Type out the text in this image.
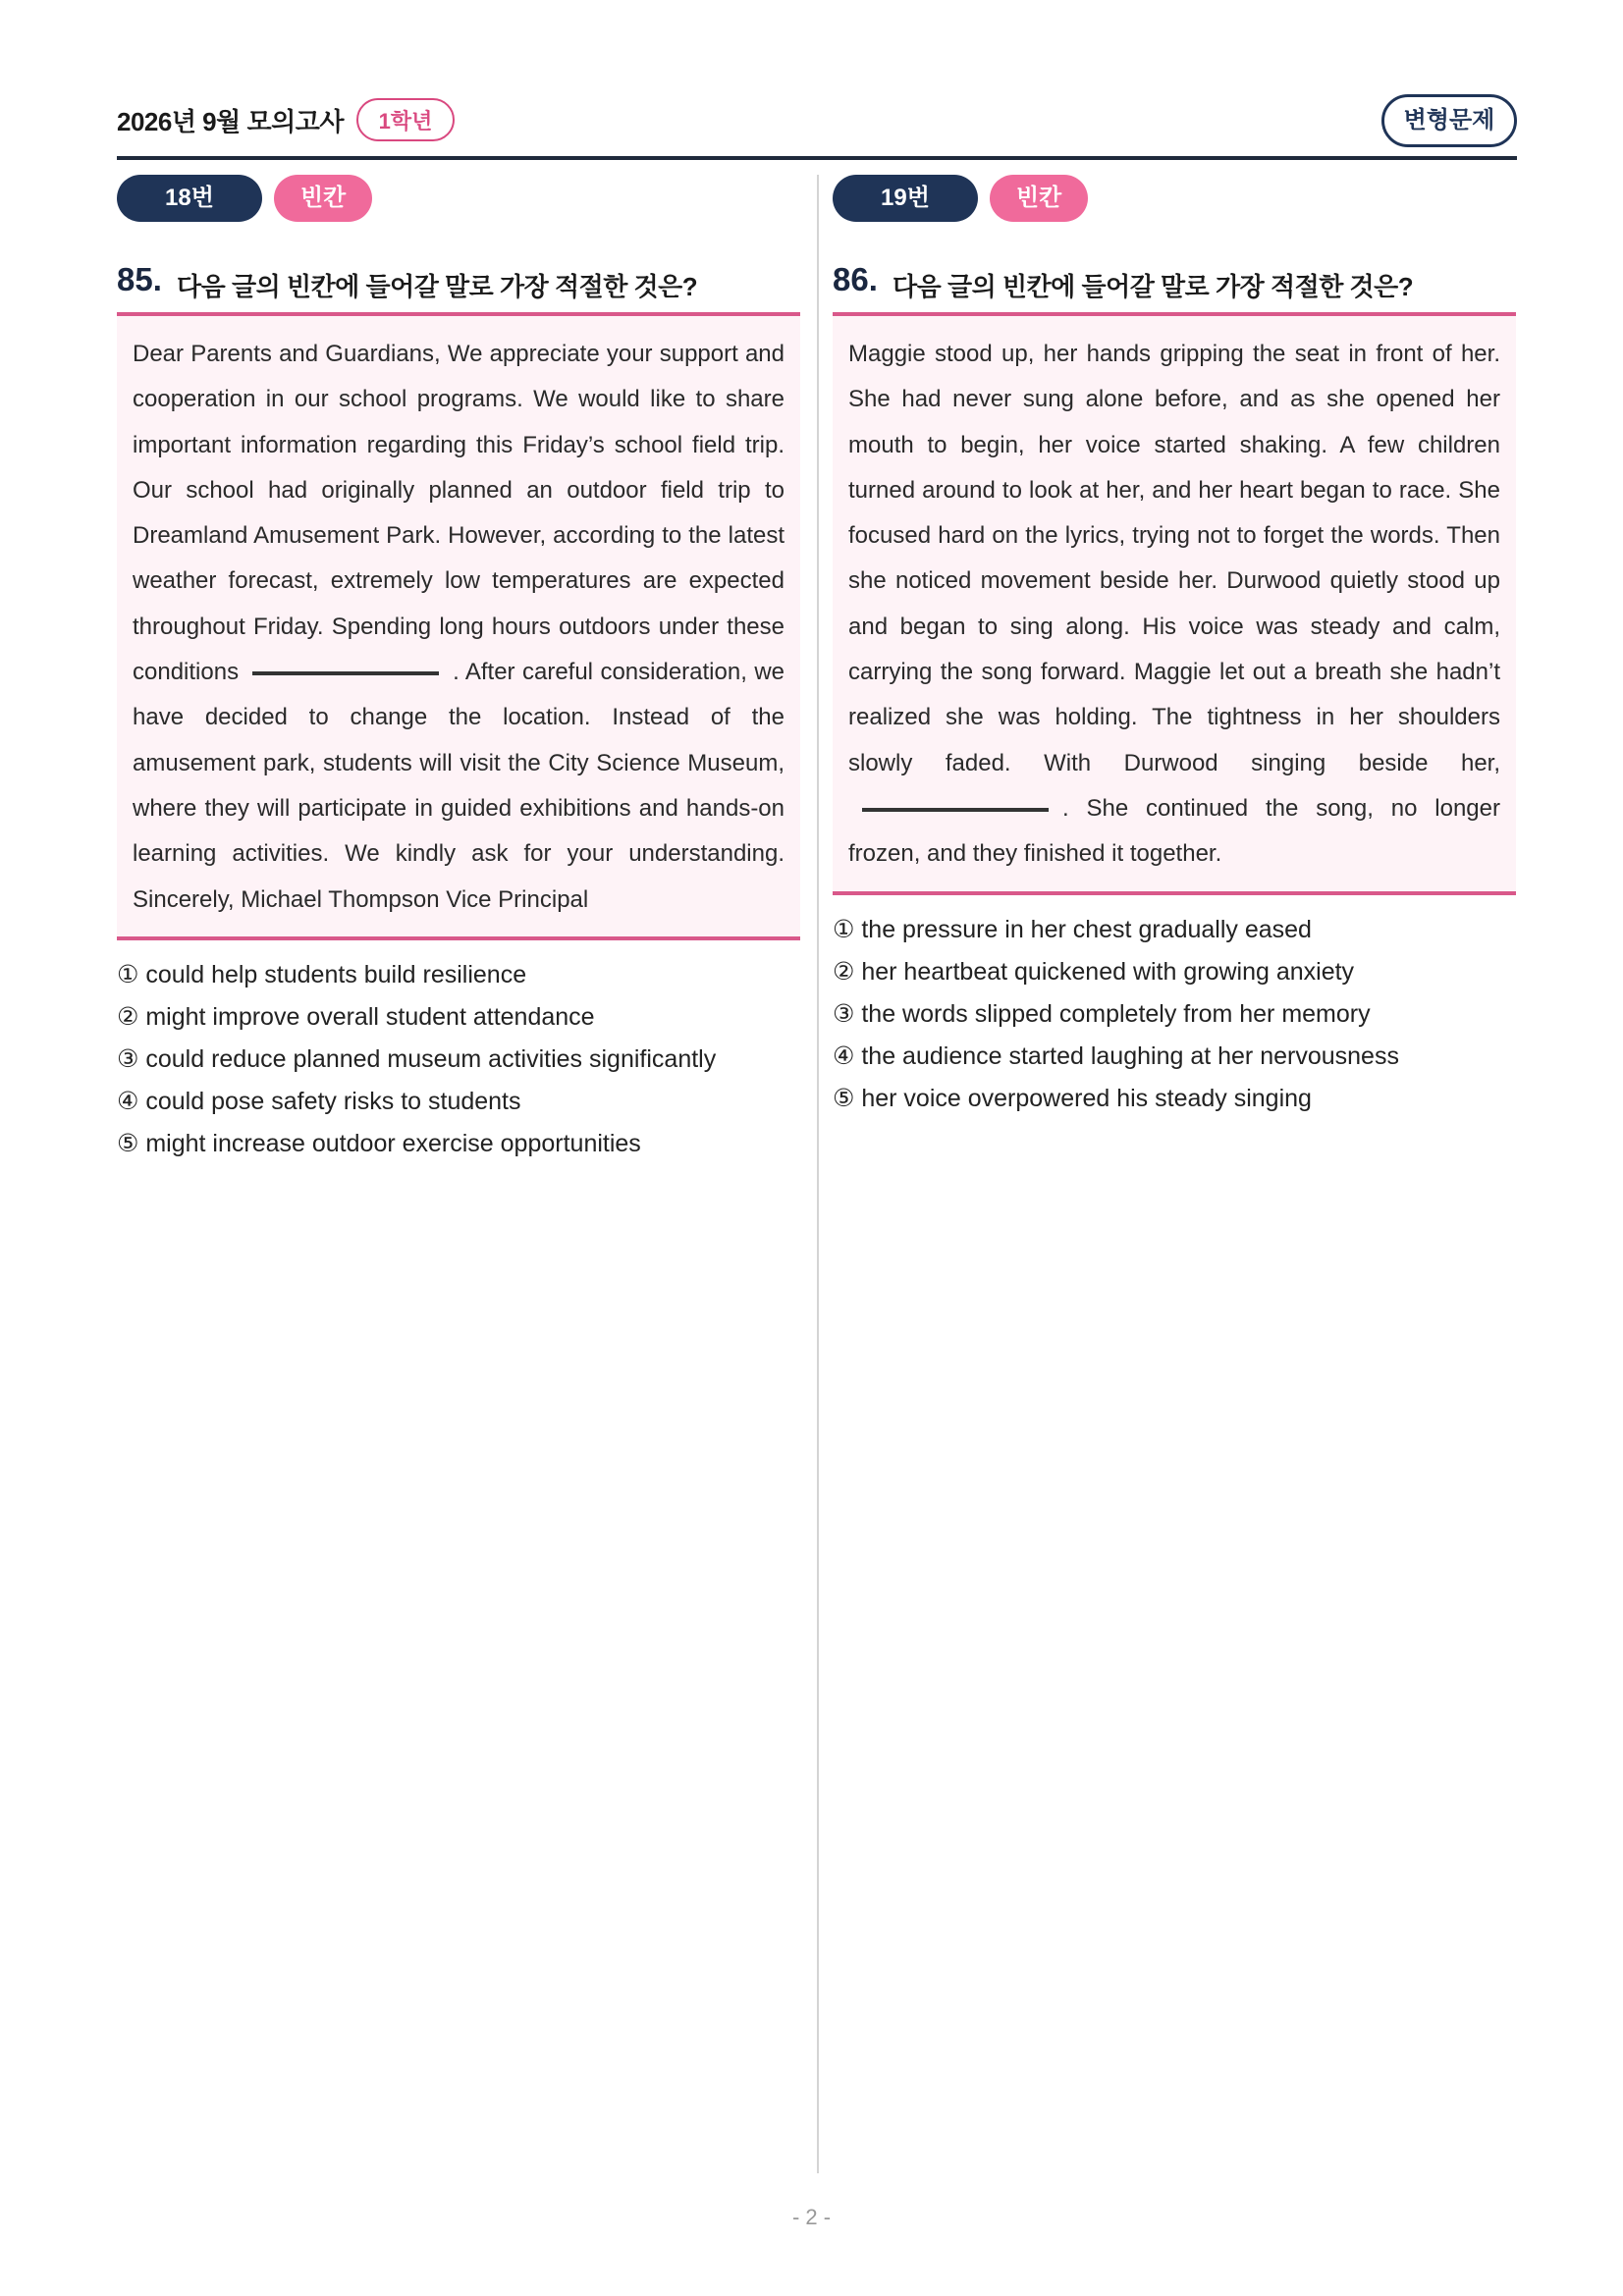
2026년 9월 모의고사	1학년	변형문제
18번	빈칸
85. 다음 글의 빈칸에 들어갈 말로 가장 적절한 것은?
Dear Parents and Guardians, We appreciate your support and cooperation in our school programs. We would like to share important information regarding this Friday’s school field trip. Our school had originally planned an outdoor field trip to Dreamland Amusement Park. However, according to the latest weather forecast, extremely low temperatures are expected throughout Friday. Spending long hours outdoors under these conditions	. After careful consideration, we have decided to change the location. Instead of the amusement park, students will visit the City Science Museum, where they will participate in guided exhibitions and hands-on learning activities. We kindly ask for your understanding. Sincerely, Michael Thompson Vice Principal
① could help students build resilience
② might improve overall student attendance
③ could reduce planned museum activities significantly
④ could pose safety risks to students
⑤ might increase outdoor exercise opportunities
19번	빈칸
86. 다음 글의 빈칸에 들어갈 말로 가장 적절한 것은?
Maggie stood up, her hands gripping the seat in front of her. She had never sung alone before, and as she opened her mouth to begin, her voice started shaking. A few children turned around to look at her, and her heart began to race. She focused hard on the lyrics, trying not to forget the words. Then she noticed movement beside her. Durwood quietly stood up and began to sing along. His voice was steady and calm, carrying the song forward. Maggie let out a breath she hadn’t realized she was holding. The tightness in her shoulders slowly faded. With Durwood singing beside her,. She continued the song, no longer frozen, and they finished it together.
① the pressure in her chest gradually eased
② her heartbeat quickened with growing anxiety
③ the words slipped completely from her memory
④ the audience started laughing at her nervousness
⑤ her voice overpowered his steady singing
- 2 -
